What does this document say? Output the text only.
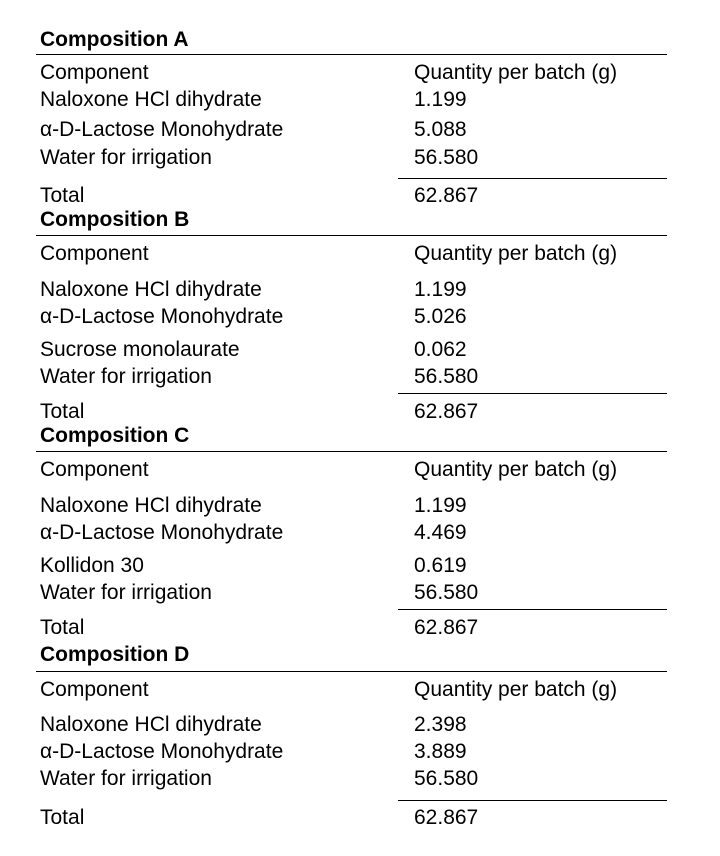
Composition A
Component	Quantity per batch (g)
Naloxone HCl dihydrate	1.199
α-D-Lactose Monohydrate	5.088
Water for irrigation	56.580
Total	62.867
Composition B
Component	Quantity per batch (g)
Naloxone HCl dihydrate	1.199
α-D-Lactose Monohydrate	5.026
Sucrose monolaurate	0.062
Water for irrigation	56.580
Total	62.867
Composition C
Component	Quantity per batch (g)
Naloxone HCl dihydrate	1.199
α-D-Lactose Monohydrate	4.469
Kollidon 30	0.619
Water for irrigation	56.580
Total	62.867
Composition D
Component	Quantity per batch (g)
Naloxone HCl dihydrate	2.398
α-D-Lactose Monohydrate	3.889
Water for irrigation	56.580
Total	62.867
